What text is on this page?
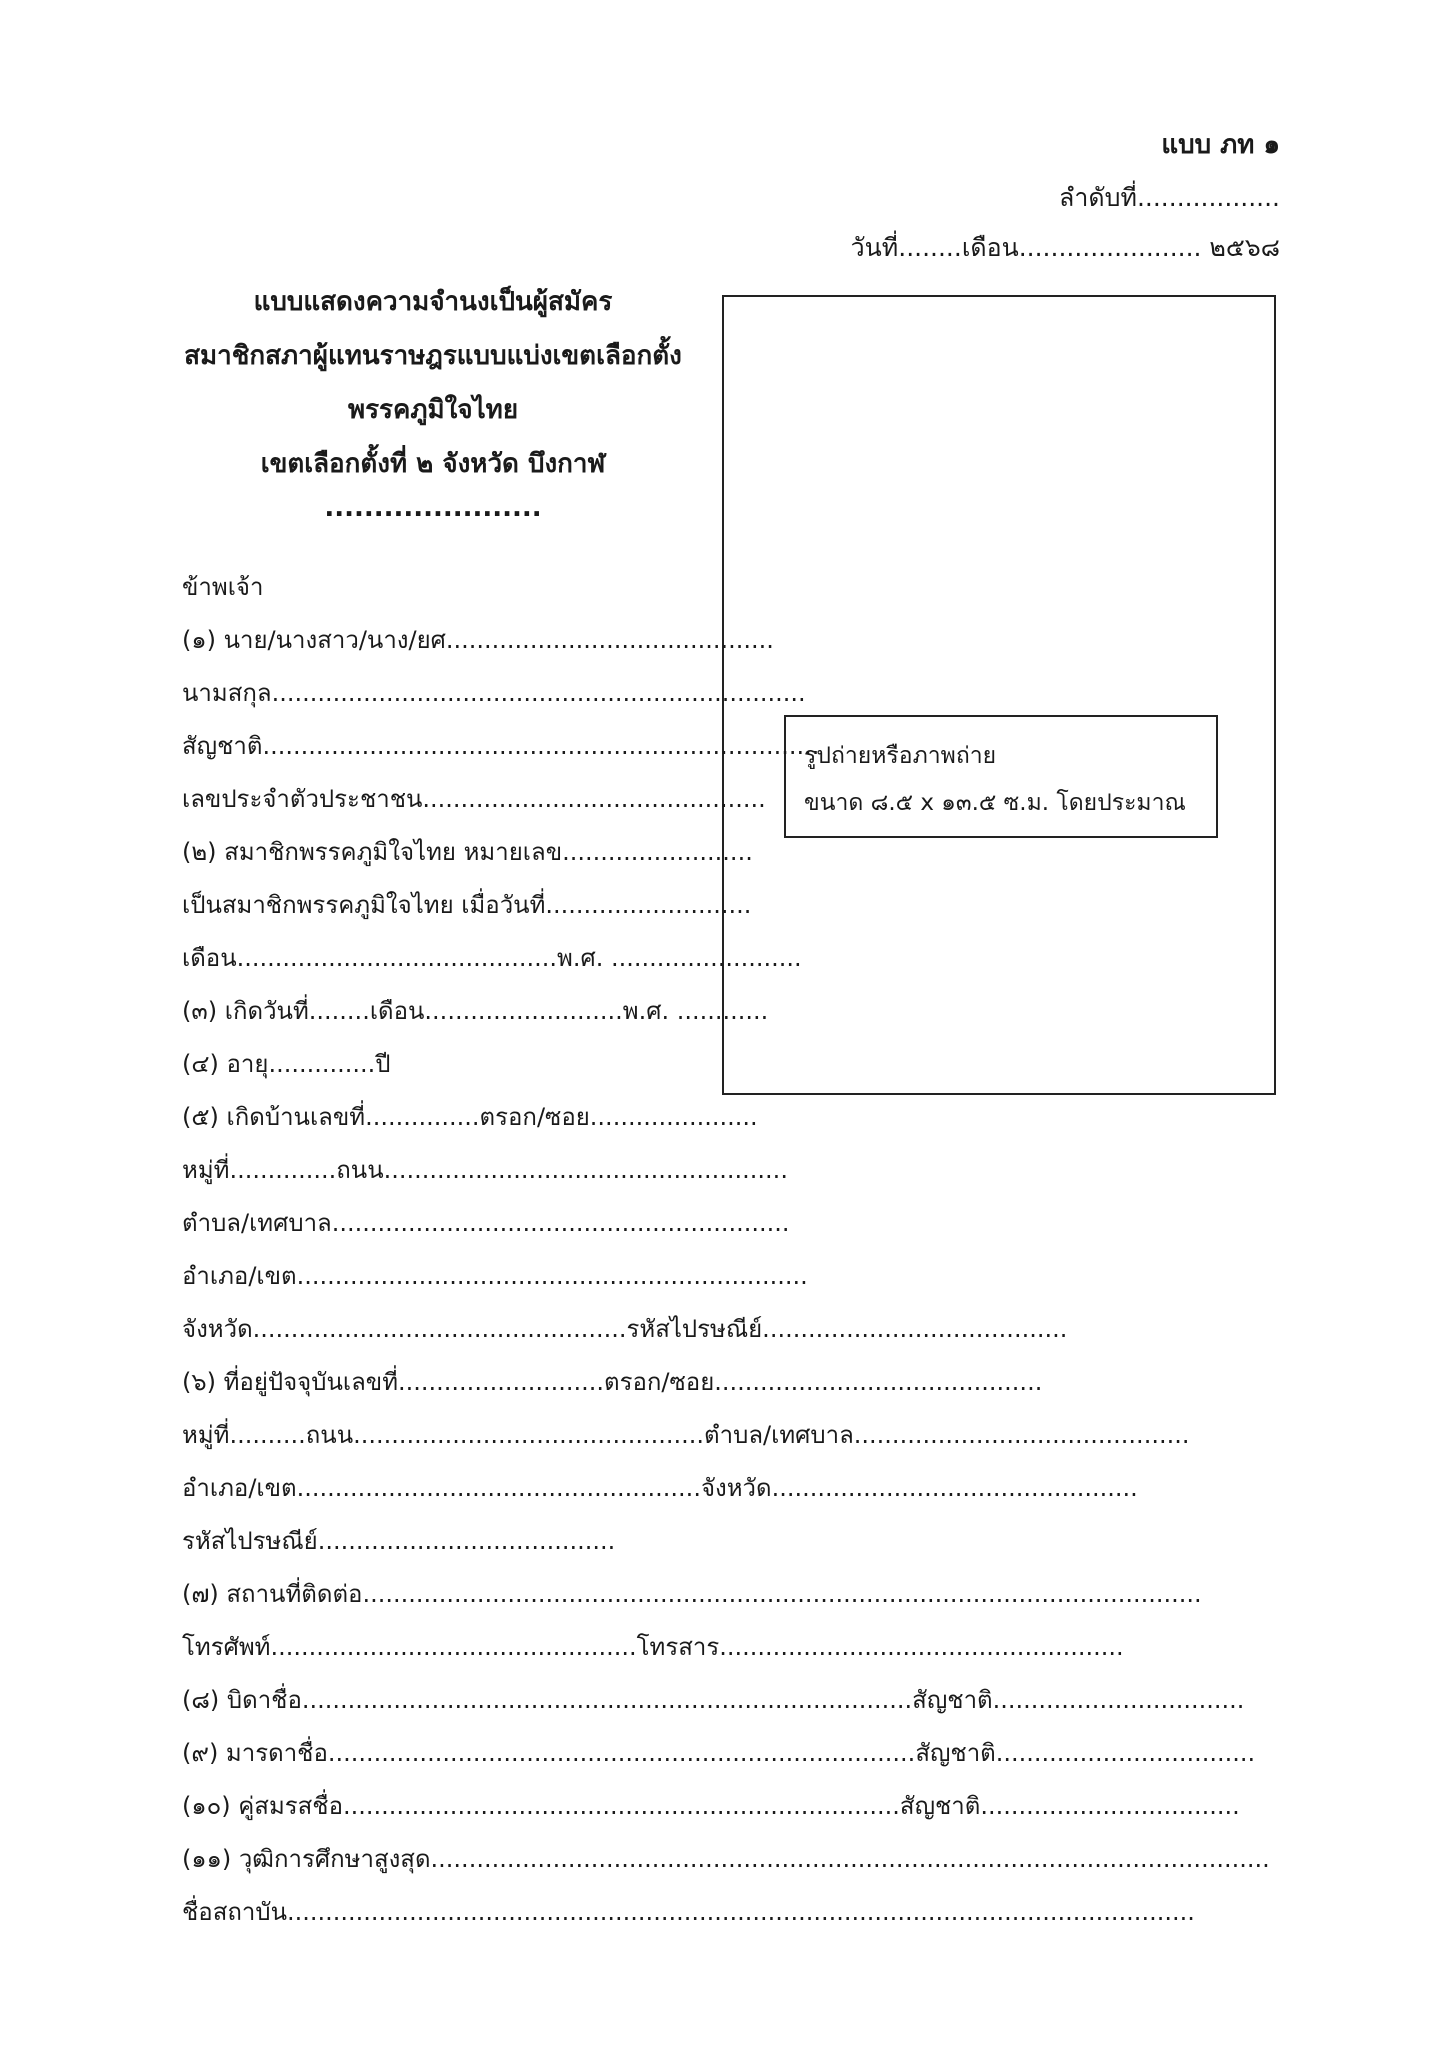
แบบ ภท ๑
ลำดับที่..................
วันที่........เดือน....................... ๒๕๖๘
แบบแสดงความจำนงเป็นผู้สมัคร
สมาชิกสภาผู้แทนราษฎรแบบแบ่งเขตเลือกตั้ง
พรรคภูมิใจไทย
เขตเลือกตั้งที่ ๒ จังหวัด บึงกาฬ
......................
รูปถ่ายหรือภาพถ่าย
ขนาด ๘.๕ x ๑๓.๕ ซ.ม. โดยประมาณ
ข้าพเจ้า
(๑) นาย/นางสาว/นาง/ยศ...........................................
นามสกุล......................................................................
สัญชาติ.........................................................................
เลขประจำตัวประชาชน.............................................
(๒) สมาชิกพรรคภูมิใจไทย หมายเลข.........................
เป็นสมาชิกพรรคภูมิใจไทย เมื่อวันที่...........................
เดือน..........................................พ.ศ. .........................
(๓) เกิดวันที่........เดือน..........................พ.ศ. ............
(๔) อายุ..............ปี
(๕) เกิดบ้านเลขที่...............ตรอก/ซอย......................
หมู่ที่..............ถนน.....................................................
ตำบล/เทศบาล............................................................
อำเภอ/เขต...................................................................
จังหวัด.................................................รหัสไปรษณีย์........................................
(๖) ที่อยู่ปัจจุบันเลขที่...........................ตรอก/ซอย...........................................
หมู่ที่..........ถนน..............................................ตำบล/เทศบาล............................................
อำเภอ/เขต.....................................................จังหวัด................................................
รหัสไปรษณีย์.......................................
(๗) สถานที่ติดต่อ..............................................................................................................
โทรศัพท์................................................โทรสาร.....................................................
(๘) บิดาชื่อ................................................................................สัญชาติ.................................
(๙) มารดาชื่อ.............................................................................สัญชาติ..................................
(๑๐) คู่สมรสชื่อ.........................................................................สัญชาติ..................................
(๑๑) วุฒิการศึกษาสูงสุด..............................................................................................................
ชื่อสถาบัน.......................................................................................................................
